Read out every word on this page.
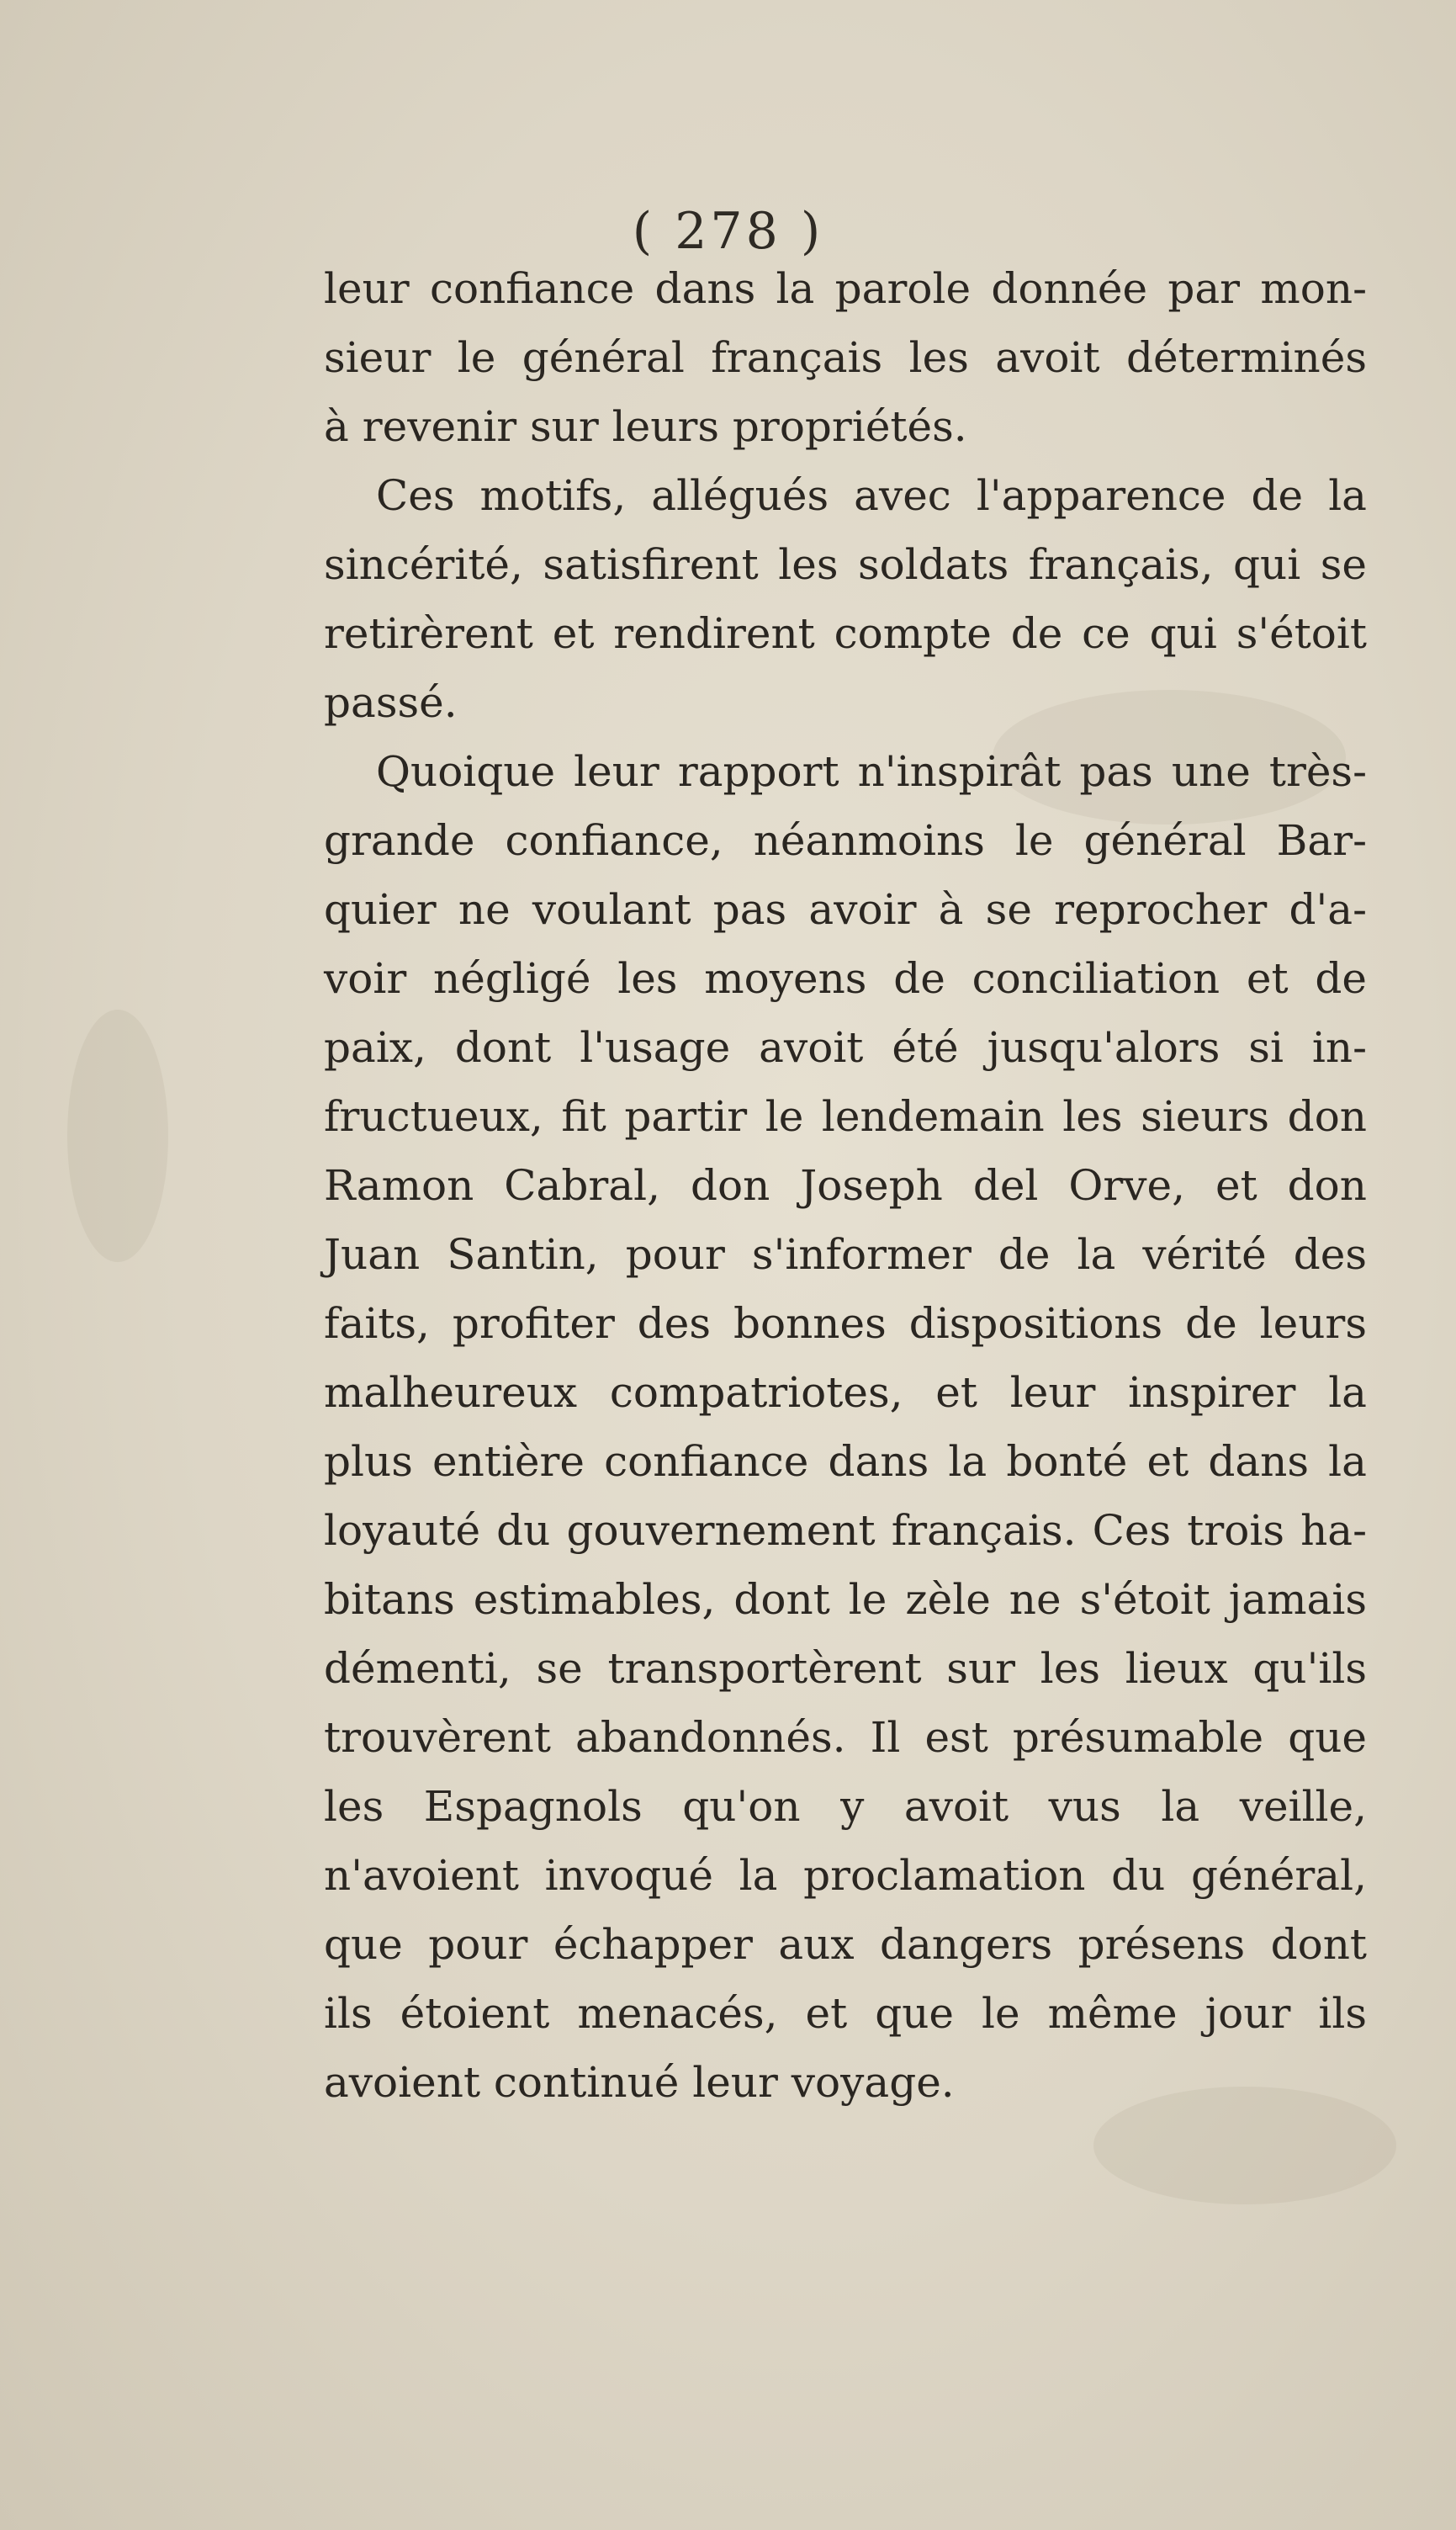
( 278 )
leur confiance dans la parole donnée par mon-
sieur le général français les avoit déterminés
à revenir sur leurs propriétés.
Ces motifs, allégués avec l'apparence de la
sincérité, satisfirent les soldats français, qui se
retirèrent et rendirent compte de ce qui s'étoit
passé.
Quoique leur rapport n'inspirât pas une très-
grande confiance, néanmoins le général Bar-
quier ne voulant pas avoir à se reprocher d'a-
voir négligé les moyens de conciliation et de
paix, dont l'usage avoit été jusqu'alors si in-
fructueux, fit partir le lendemain les sieurs don
Ramon Cabral, don Joseph del Orve, et don
Juan Santin, pour s'informer de la vérité des
faits, profiter des bonnes dispositions de leurs
malheureux compatriotes, et leur inspirer la
plus entière confiance dans la bonté et dans la
loyauté du gouvernement français. Ces trois ha-
bitans estimables, dont le zèle ne s'étoit jamais
démenti, se transportèrent sur les lieux qu'ils
trouvèrent abandonnés. Il est présumable que
les Espagnols qu'on y avoit vus la veille,
n'avoient invoqué la proclamation du général,
que pour échapper aux dangers présens dont
ils étoient menacés, et que le même jour ils
avoient continué leur voyage.
